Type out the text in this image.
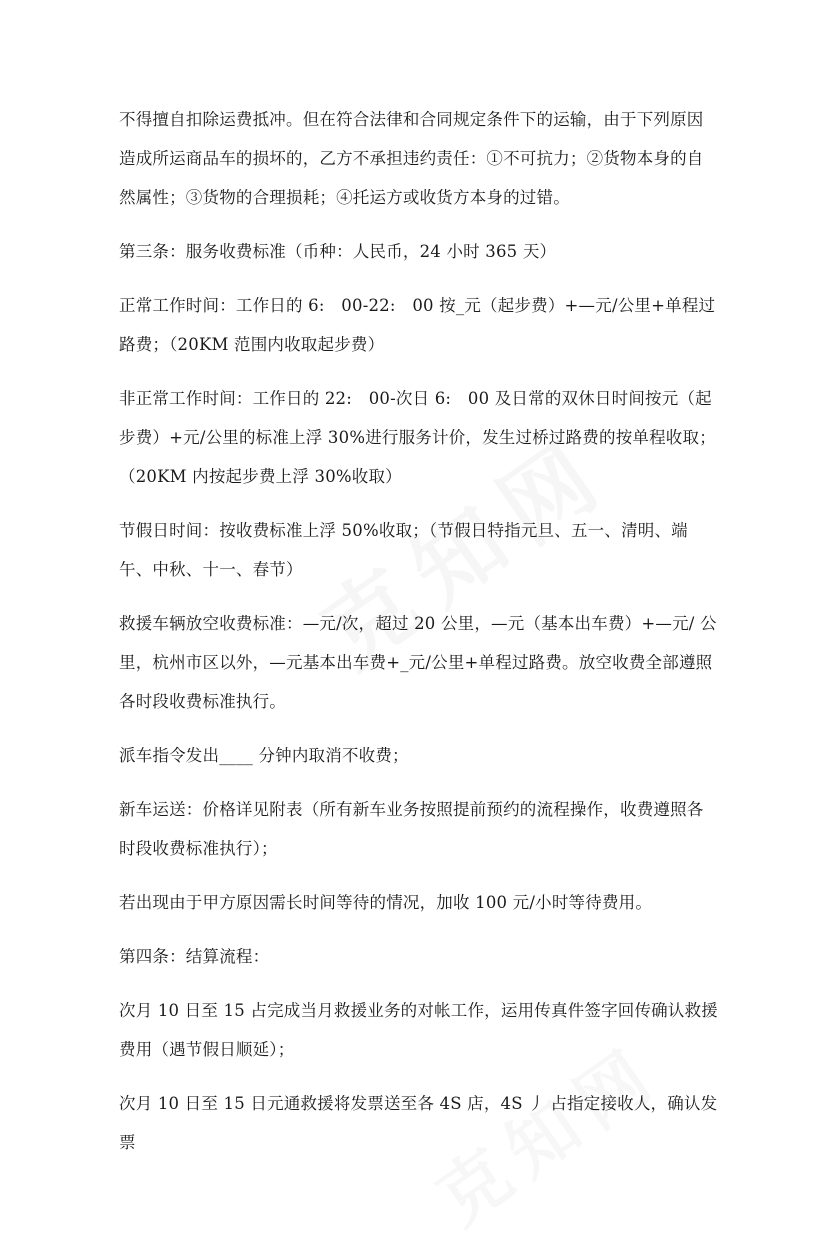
不得擅自扣除运费抵冲。但在符合法律和合同规定条件下的运输，由于下列原因造成所运商品车的损坏的，乙方不承担违约责任：①不可抗力；②货物本身的自然属性；③货物的合理损耗；④托运方或收货方本身的过错。

第三条：服务收费标准（币种：人民币，24 小时 365 天）

正常工作时间：工作日的 6:　00-22:　00 按_元（起步费）+—元/公里+单程过路费；（20KM 范围内收取起步费）

非正常工作时间：工作日的 22:　00-次日 6:　00 及日常的双休日时间按元（起步费）+元/公里的标准上浮 30%进行服务计价，发生过桥过路费的按单程收取；（20KM 内按起步费上浮 30%收取）

节假日时间：按收费标准上浮 50%收取；（节假日特指元旦、五一、清明、端午、中秋、十一、春节）

救援车辆放空收费标准：—元/次，超过 20 公里，—元（基本出车费）+—元/ 公里，杭州市区以外，—元基本出车费+_元/公里+单程过路费。放空收费全部遵照各时段收费标准执行。

派车指令发出____ 分钟内取消不收费；

新车运送：价格详见附表（所有新车业务按照提前预约的流程操作，收费遵照各时段收费标准执行）；

若出现由于甲方原因需长时间等待的情况，加收 100 元/小时等待费用。

第四条：结算流程：

次月 10 日至 15 占完成当月救援业务的对帐工作，运用传真件签字回传确认救援费用（遇节假日顺延）；

次月 10 日至 15 日元通救援将发票送至各 4S 店，4S 丿 占指定接收人，确认发票
